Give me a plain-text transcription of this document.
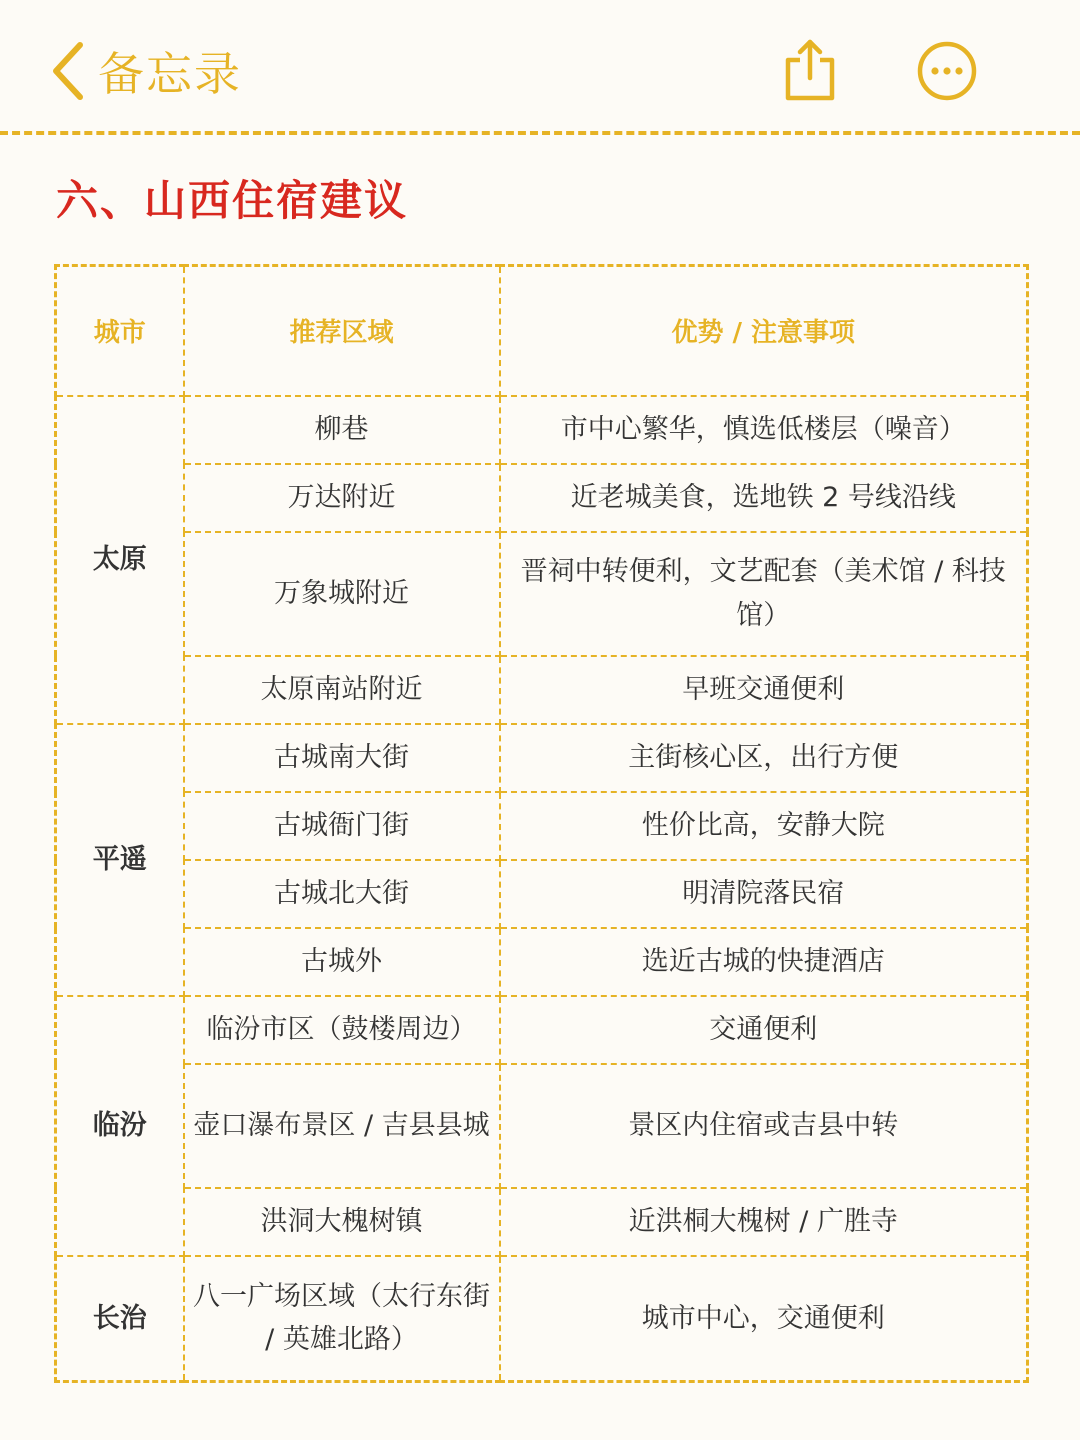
备忘录
六、山西住宿建议
城市	推荐区域	优势 / 注意事项
太原	柳巷	市中心繁华，慎选低楼层（噪音）
	万达附近	近老城美食，选地铁 2 号线沿线
	万象城附近	晋祠中转便利，文艺配套（美术馆 / 科技馆）
	太原南站附近	早班交通便利
平遥	古城南大街	主街核心区，出行方便
	古城衙门街	性价比高，安静大院
	古城北大街	明清院落民宿
	古城外	选近古城的快捷酒店
临汾	临汾市区（鼓楼周边）	交通便利
	壶口瀑布景区 / 吉县县城	景区内住宿或吉县中转
	洪洞大槐树镇	近洪桐大槐树 / 广胜寺
长治	八一广场区域（太行东街 / 英雄北路）	城市中心，交通便利
